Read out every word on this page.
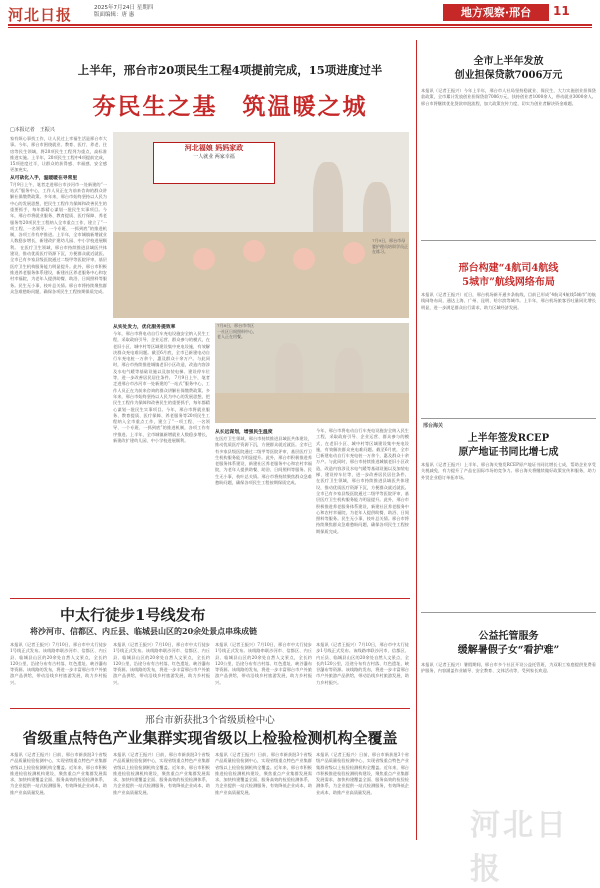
河北日报	2025年7月24日 星期四
版面编辑：唐 惠	地方观察·邢台	11
上半年，邢台市20项民生工程4项提前完成，15项进度过半
夯民生之基　筑温暖之城
□本报记者　王振兴
家有烦心事找工作，让人民过上幸福生活是邢台市大事。今年，邢台市围绕就业、教育、医疗、养老、住房等民生领域，将20项民生工程列为重点，高标准推进实施。上半年，20项民生工程中4项提前完成，15项进度过半，让群众的获得感、幸福感、安全感更加充实。
从可砍化入手，温暖暖在寻常里
7月9日上午，笔者走进邢台市沙河市一处新建的“一站式”服务中心，工作人员正在为前来咨询的群众讲解社保缴费政策。多年来，邢台市始终坚持以人民为中心的发展思想，把民生工程作为保障和改善民生的重要抓手，每年都精心谋划一批民生实事项目。今年，邢台市将就业服务、教育提质、医疗保障、养老服务等20项民生工程纳入全市重点工作，建立了“一项工程、一名领导、一个专班、一抓到底”的推进机制，各项工作有序推进。上半年，全市城镇新增就业人数稳步增长，新建改扩建幼儿园、中小学校进展顺利。 在医疗卫生领域，邢台市持续推进县域医共体建设，推动优质医疗资源下沉，方便群众就近就医。全市已有多家县级医院通过二级甲等医院评审，基层医疗卫生机构服务能力明显提升。此外，邢台市积极推进养老服务体系建设，新建社区养老服务中心和农村幸福院，为老年人提供助餐、助浴、日间照料等服务。民生无小事，枝叶总关情。邢台市将持续聚焦群众急难愁盼问题，确保各项民生工程按期保质完成。
河北福娘 妈妈家政
一人就业 两家幸福
7月9日，邢台市母婴护理员培训学员正在练习。
从实处发力，优化服务提效率
今年，邢台市将电动自行车充电设施安全纳入民生工程，采取政府引导、企业运营、群众参与的模式，在老旧小区、城中村等区域建设集中充电设施，有效解决群众充电难问题。截至6月底，全市已新建电动自行车充电桩一万余个，惠及群众十余万户。与此同时，邢台市持续推进城镇老旧小区改造，改造内容涉及水电气暖等基础设施以及加装电梯、建设停车位等，进一步改善居民居住条件。 7月9日上午，笔者走进邢台市沙河市一处新建的“一站式”服务中心，工作人员正在为前来咨询的群众讲解社保缴费政策。多年来，邢台市始终坚持以人民为中心的发展思想，把民生工程作为保障和改善民生的重要抓手，每年都精心谋划一批民生实事项目。今年，邢台市将就业服务、教育提质、医疗保障、养老服务等20项民生工程纳入全市重点工作，建立了“一项工程、一名领导、一个专班、一抓到底”的推进机制，各项工作有序推进。上半年，全市城镇新增就业人数稳步增长，新建改扩建幼儿园、中小学校进展顺利。
7月8日，邢台市市区一社区日间照料中心，老人正在用餐。
从长远谋划，增强民生温度
在医疗卫生领域，邢台市持续推进县域医共体建设，推动优质医疗资源下沉，方便群众就近就医。全市已有多家县级医院通过二级甲等医院评审，基层医疗卫生机构服务能力明显提升。此外，邢台市积极推进养老服务体系建设，新建社区养老服务中心和农村幸福院，为老年人提供助餐、助浴、日间照料等服务。民生无小事，枝叶总关情。邢台市将持续聚焦群众急难愁盼问题，确保各项民生工程按期保质完成。
今年，邢台市将电动自行车充电设施安全纳入民生工程，采取政府引导、企业运营、群众参与的模式，在老旧小区、城中村等区域建设集中充电设施，有效解决群众充电难问题。截至6月底，全市已新建电动自行车充电桩一万余个，惠及群众十余万户。与此同时，邢台市持续推进城镇老旧小区改造，改造内容涉及水电气暖等基础设施以及加装电梯、建设停车位等，进一步改善居民居住条件。 在医疗卫生领域，邢台市持续推进县域医共体建设，推动优质医疗资源下沉，方便群众就近就医。全市已有多家县级医院通过二级甲等医院评审，基层医疗卫生机构服务能力明显提升。此外，邢台市积极推进养老服务体系建设，新建社区养老服务中心和农村幸福院，为老年人提供助餐、助浴、日间照料等服务。民生无小事，枝叶总关情。邢台市将持续聚焦群众急难愁盼问题，确保各项民生工程按期保质完成。
全市上半年发放
创业担保贷款7006万元
本报讯（记者王振兴）今年上半年，邢台市人社局坚持稳就业、保民生，大力实施创业担保贷款政策，全市累计发放创业担保贷款7006万元，扶持创业者1000余人，带动就业3000余人。邢台市将继续优化贷款审批流程，加大政策宣传力度，切实为创业者解决资金难题。
邢台构建“4航司4航线
5城市”航线网络布局
本报讯（记者王振兴）近日，邢台机场新开通多条航线，目前已形成“4航司4航线5城市”的航线网络布局，通达上海、广州、昆明、哈尔滨等城市。上半年，邢台机场旅客吞吐量同比增长明显，进一步满足群众出行需求，助力区域经济发展。
邢台海关
上半年签发RCEP
原产地证书同比增七成
本报讯（记者王振兴）上半年，邢台海关签发RCEP原产地证书同比增长七成，帮助企业享受关税减免，有力提升了产品在国际市场的竞争力。邢台海关将继续做好政策宣传和服务，助力外贸企业稳订单拓市场。
公益托管服务
缓解暑假子女“看护难”
本报讯（记者王振兴）暑假期间，邢台市多个社区开设公益托管班，为双职工家庭提供免费看护服务，内容涵盖作业辅导、安全教育、文体活动等，受到家长欢迎。
中太行徒步1号线发布
将沙河市、信都区、内丘县、临城县山区的20余处景点串珠成链
本报讯（记者王振兴）7月10日，邢台市中太行徒步1号线正式发布。该线路串联沙河市、信都区、内丘县、临城县山区的20余处自然人文景点，全长约120公里，沿途分布有古村落、红色遗址、峡谷瀑布等资源。该线路的发布，将进一步丰富邢台市户外旅游产品供给，带动沿线乡村旅游发展，助力乡村振兴。
本报讯（记者王振兴）7月10日，邢台市中太行徒步1号线正式发布。该线路串联沙河市、信都区、内丘县、临城县山区的20余处自然人文景点，全长约120公里，沿途分布有古村落、红色遗址、峡谷瀑布等资源。该线路的发布，将进一步丰富邢台市户外旅游产品供给，带动沿线乡村旅游发展，助力乡村振兴。
本报讯（记者王振兴）7月10日，邢台市中太行徒步1号线正式发布。该线路串联沙河市、信都区、内丘县、临城县山区的20余处自然人文景点，全长约120公里，沿途分布有古村落、红色遗址、峡谷瀑布等资源。该线路的发布，将进一步丰富邢台市户外旅游产品供给，带动沿线乡村旅游发展，助力乡村振兴。
本报讯（记者王振兴）7月10日，邢台市中太行徒步1号线正式发布。该线路串联沙河市、信都区、内丘县、临城县山区的20余处自然人文景点，全长约120公里，沿途分布有古村落、红色遗址、峡谷瀑布等资源。该线路的发布，将进一步丰富邢台市户外旅游产品供给，带动沿线乡村旅游发展，助力乡村振兴。
邢台市新获批3个省级质检中心
省级重点特色产业集群实现省级以上检验检测机构全覆盖
本报讯（记者王振兴）日前，邢台市新获批3个省级产品质量检验检测中心，实现省级重点特色产业集群省级以上检验检测机构全覆盖。近年来，邢台市积极推进检验检测机构建设，聚焦重点产业集群发展需求，加快构建覆盖全面、服务高效的检验检测体系，为企业提供一站式检测服务，有效降低企业成本，助推产业高质量发展。
本报讯（记者王振兴）日前，邢台市新获批3个省级产品质量检验检测中心，实现省级重点特色产业集群省级以上检验检测机构全覆盖。近年来，邢台市积极推进检验检测机构建设，聚焦重点产业集群发展需求，加快构建覆盖全面、服务高效的检验检测体系，为企业提供一站式检测服务，有效降低企业成本，助推产业高质量发展。
本报讯（记者王振兴）日前，邢台市新获批3个省级产品质量检验检测中心，实现省级重点特色产业集群省级以上检验检测机构全覆盖。近年来，邢台市积极推进检验检测机构建设，聚焦重点产业集群发展需求，加快构建覆盖全面、服务高效的检验检测体系，为企业提供一站式检测服务，有效降低企业成本，助推产业高质量发展。
本报讯（记者王振兴）日前，邢台市新获批3个省级产品质量检验检测中心，实现省级重点特色产业集群省级以上检验检测机构全覆盖。近年来，邢台市积极推进检验检测机构建设，聚焦重点产业集群发展需求，加快构建覆盖全面、服务高效的检验检测体系，为企业提供一站式检测服务，有效降低企业成本，助推产业高质量发展。
河北日报
